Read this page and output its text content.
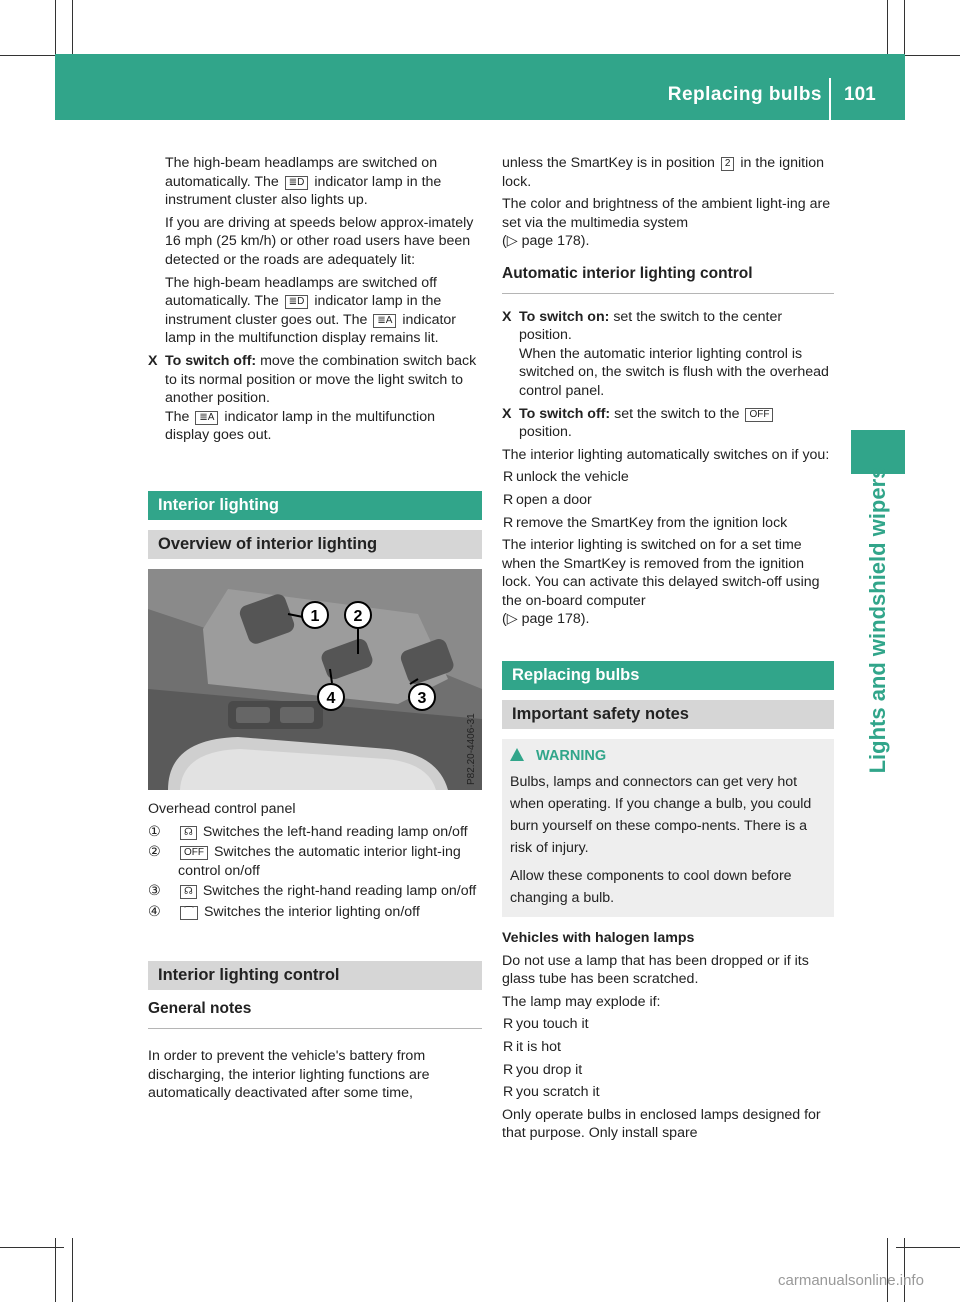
Replacing bulbs 101
Lights and windshield wipers

The high-beam headlamps are switched on automatically. The ≣D indicator lamp in the instrument cluster also lights up.

If you are driving at speeds below approx-imately 16 mph (25 km/h) or other road users have been detected or the roads are adequately lit:

The high-beam headlamps are switched off automatically. The ≣D indicator lamp in the instrument cluster goes out. The ≣A indicator lamp in the multifunction display remains lit.

X To switch off: move the combination switch back to its normal position or move the light switch to another position.
The ≣A indicator lamp in the multifunction display goes out.
Interior lighting
Overview of interior lighting
1 2
3
4
P82.20-4406-31

Overhead control panel

① ☊ Switches the left-hand reading lamp on/off
② OFF Switches the automatic interior light-ing control on/off
③ ☊ Switches the right-hand reading lamp on/off
④ ⌒ Switches the interior lighting on/off
Interior lighting control
General notes

In order to prevent the vehicle's battery from discharging, the interior lighting functions are automatically deactivated after some time,

unless the SmartKey is in position 2 in the ignition lock.

The color and brightness of the ambient light-ing are set via the multimedia system
(▷ page 178).

Automatic interior lighting control
X To switch on: set the switch to the center position.
When the automatic interior lighting control is switched on, the switch is flush with the overhead control panel.
X To switch off: set the switch to the OFF
position.

The interior lighting automatically switches on if you:

R unlock the vehicle
R open a door
R remove the SmartKey from the ignition lock

The interior lighting is switched on for a set time when the SmartKey is removed from the ignition lock. You can activate this delayed switch-off using the on-board computer
(▷ page 178).

Replacing bulbs
Important safety notes
WARNING

Bulbs, lamps and connectors can get very hot when operating. If you change a bulb, you could burn yourself on these compo-nents. There is a risk of injury.

Allow these components to cool down before changing a bulb.

Vehicles with halogen lamps

Do not use a lamp that has been dropped or if its glass tube has been scratched.

The lamp may explode if:

R you touch it
R it is hot
R you drop it
R you scratch it

Only operate bulbs in enclosed lamps designed for that purpose. Only install spare

carmanualsonline.info
